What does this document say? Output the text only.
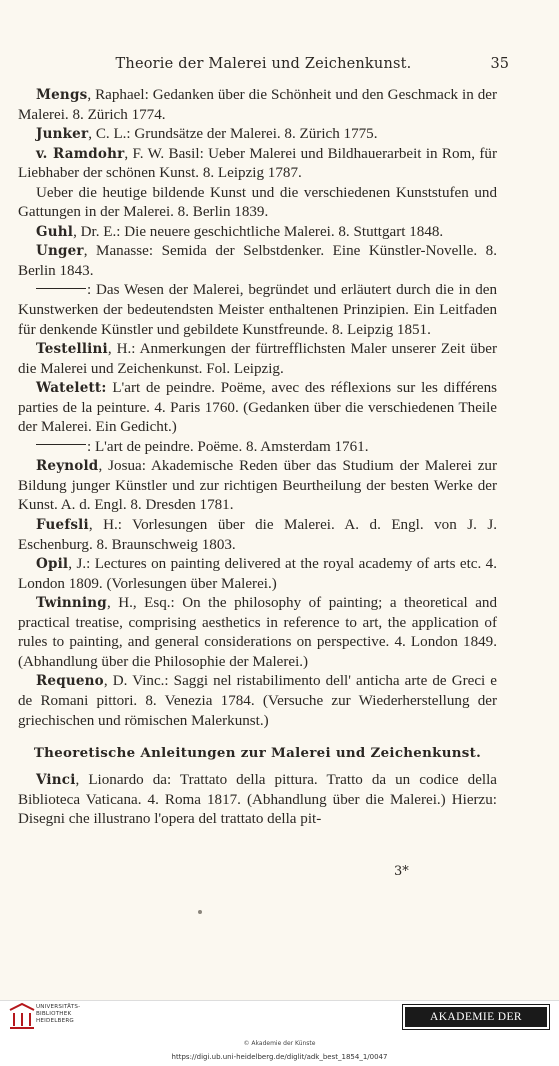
Theorie der Malerei und Zeichenkunst.	35

Mengs, Raphael: Gedanken über die Schönheit und den Geschmack in der Malerei. 8. Zürich 1774.

Junker, C. L.: Grundsätze der Malerei. 8. Zürich 1775.

v. Ramdohr, F. W. Basil: Ueber Malerei und Bildhauerarbeit in Rom, für Liebhaber der schönen Kunst. 8. Leipzig 1787.

Ueber die heutige bildende Kunst und die verschiedenen Kunststufen und Gattungen in der Malerei. 8. Berlin 1839.

Guhl, Dr. E.: Die neuere geschichtliche Malerei. 8. Stuttgart 1848.

Unger, Manasse: Semida der Selbstdenker. Eine Künstler-Novelle. 8. Berlin 1843.

: Das Wesen der Malerei, begründet und erläutert durch die in den Kunstwerken der bedeutendsten Meister enthaltenen Prinzipien. Ein Leitfaden für denkende Künstler und gebildete Kunstfreunde. 8. Leipzig 1851.

Testellini, H.: Anmerkungen der fürtrefflichsten Maler unserer Zeit über die Malerei und Zeichenkunst. Fol. Leipzig.

Watelett: L'art de peindre. Poëme, avec des réflexions sur les différens parties de la peinture. 4. Paris 1760. (Gedanken über die verschiedenen Theile der Malerei. Ein Gedicht.)

: L'art de peindre. Poëme. 8. Amsterdam 1761.

Reynold, Josua: Akademische Reden über das Studium der Malerei zur Bildung junger Künstler und zur richtigen Beurtheilung der besten Werke der Kunst. A. d. Engl. 8. Dresden 1781.

Fuefsli, H.: Vorlesungen über die Malerei. A. d. Engl. von J. J. Eschenburg. 8. Braunschweig 1803.

Opil, J.: Lectures on painting delivered at the royal academy of arts etc. 4. London 1809. (Vorlesungen über Malerei.)

Twinning, H., Esq.: On the philosophy of painting; a theoretical and practical treatise, comprising aesthetics in reference to art, the application of rules to painting, and general considerations on perspective. 4. London 1849. (Abhandlung über die Philosophie der Malerei.)

Requeno, D. Vinc.: Saggi nel ristabilimento dell' anticha arte de Greci e de Romani pittori. 8. Venezia 1784. (Versuche zur Wiederherstellung der griechischen und römischen Malerkunst.)

Theoretische Anleitungen zur Malerei und Zeichenkunst.

Vinci, Lionardo da: Trattato della pittura. Tratto da un codice della Biblioteca Vaticana. 4. Roma 1817. (Abhandlung über die Malerei.) Hierzu: Disegni che illustrano l'opera del trattato della pit-

3*
UNIVERSITÄTS-
BIBLIOTHEK
HEIDELBERG	AKADEMIE DER KÜNSTE
© Akademie der Künste
https://digi.ub.uni-heidelberg.de/diglit/adk_best_1854_1/0047
